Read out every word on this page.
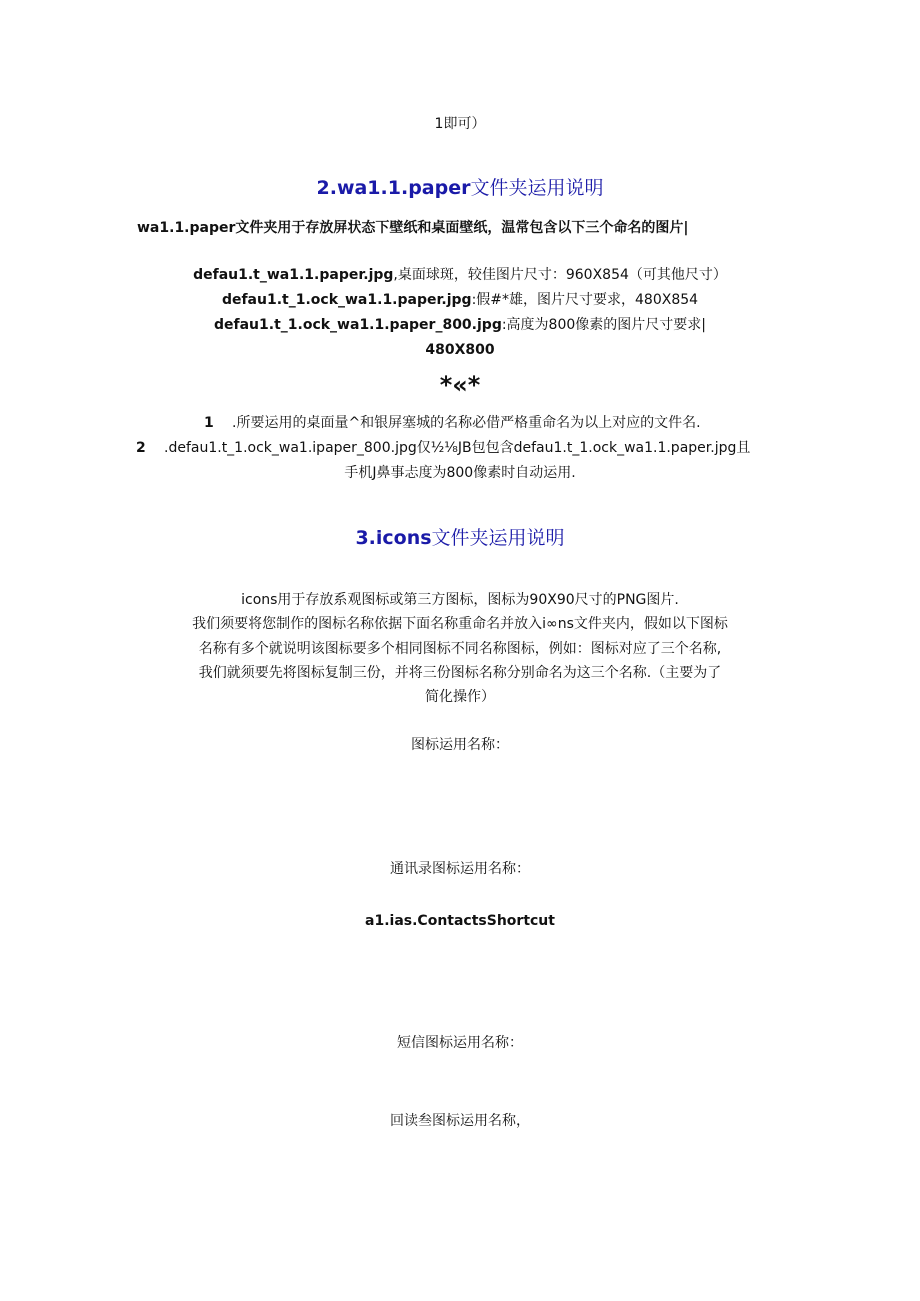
1即可）
2.wa1.1.paper文件夹运用说明
wa1.1.paper文件夹用于存放屏状态下壁纸和桌面壁纸，温常包含以下三个命名的图片|
defau1.t_wa1.1.paper.jpg,桌面球斑，较佳图片尺寸：960X854（可其他尺寸）
defau1.t_1.ock_wa1.1.paper.jpg:假#*雄，图片尺寸要求，480X854
defau1.t_1.ock_wa1.1.paper_800.jpg:高度为800像素的图片尺寸要求|
480X800
*«*
1 .所要运用的桌面量^和银屏塞城的名称必借严格重命名为以上对应的文件名.
2 .defau1.t_1.ock_wa1.ipaper_800.jpg仅½⅛JB包包含defau1.t_1.ock_wa1.1.paper.jpg且
手机J鼻事忐度为800像素时自动运用.
3.icons文件夹运用说明
icons用于存放系观图标或第三方图标，图标为90X90尺寸的PNG图片.
我们须要将您制作的图标名称依据下面名称重命名并放入i∞ns文件夹内，假如以下图标
名称有多个就说明该图标要多个相同图标不同名称图标，例如：图标对应了三个名称,
我们就须要先将图标复制三份，并将三份图标名称分别命名为这三个名称.（主要为了
简化操作）
图标运用名称：
通讯录图标运用名称：
a1.ias.ContactsShortcut
短信图标运用名称：
回读叁图标运用名称，
